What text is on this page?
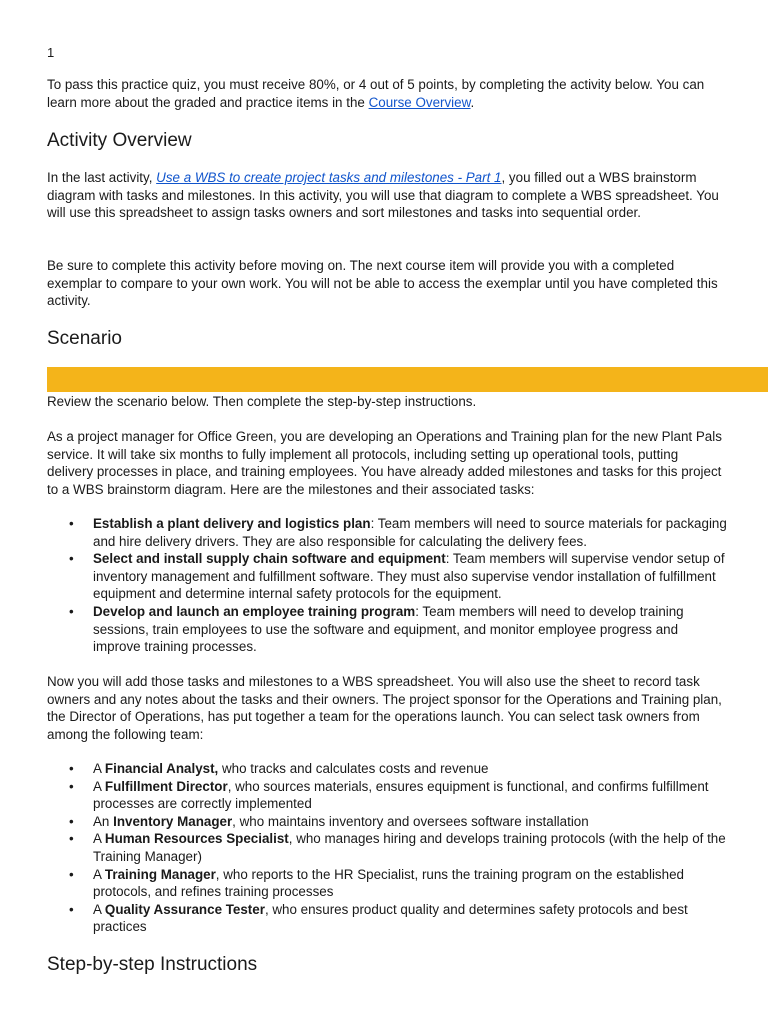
1

To pass this practice quiz, you must receive 80%, or 4 out of 5 points, by completing the activity below. You can learn more about the graded and practice items in the Course Overview.

Activity Overview

In the last activity, Use a WBS to create project tasks and milestones - Part 1, you filled out a WBS brainstorm diagram with tasks and milestones. In this activity, you will use that diagram to complete a WBS spreadsheet. You will use this spreadsheet to assign tasks owners and sort milestones and tasks into sequential order.

Be sure to complete this activity before moving on. The next course item will provide you with a completed exemplar to compare to your own work. You will not be able to access the exemplar until you have completed this activity.

Scenario

Review the scenario below. Then complete the step-by-step instructions.

As a project manager for Office Green, you are developing an Operations and Training plan for the new Plant Pals service. It will take six months to fully implement all protocols, including setting up operational tools, putting delivery processes in place, and training employees. You have already added milestones and tasks for this project to a WBS brainstorm diagram. Here are the milestones and their associated tasks:

• Establish a plant delivery and logistics plan: Team members will need to source materials for packaging and hire delivery drivers. They are also responsible for calculating the delivery fees.
• Select and install supply chain software and equipment: Team members will supervise vendor setup of inventory management and fulfillment software. They must also supervise vendor installation of fulfillment equipment and determine internal safety protocols for the equipment.
• Develop and launch an employee training program: Team members will need to develop training sessions, train employees to use the software and equipment, and monitor employee progress and improve training processes.

Now you will add those tasks and milestones to a WBS spreadsheet. You will also use the sheet to record task owners and any notes about the tasks and their owners. The project sponsor for the Operations and Training plan, the Director of Operations, has put together a team for the operations launch. You can select task owners from among the following team:

• A Financial Analyst, who tracks and calculates costs and revenue
• A Fulfillment Director, who sources materials, ensures equipment is functional, and confirms fulfillment processes are correctly implemented
• An Inventory Manager, who maintains inventory and oversees software installation
• A Human Resources Specialist, who manages hiring and develops training protocols (with the help of the Training Manager)
• A Training Manager, who reports to the HR Specialist, runs the training program on the established protocols, and refines training processes
• A Quality Assurance Tester, who ensures product quality and determines safety protocols and best practices
Step-by-step Instructions
